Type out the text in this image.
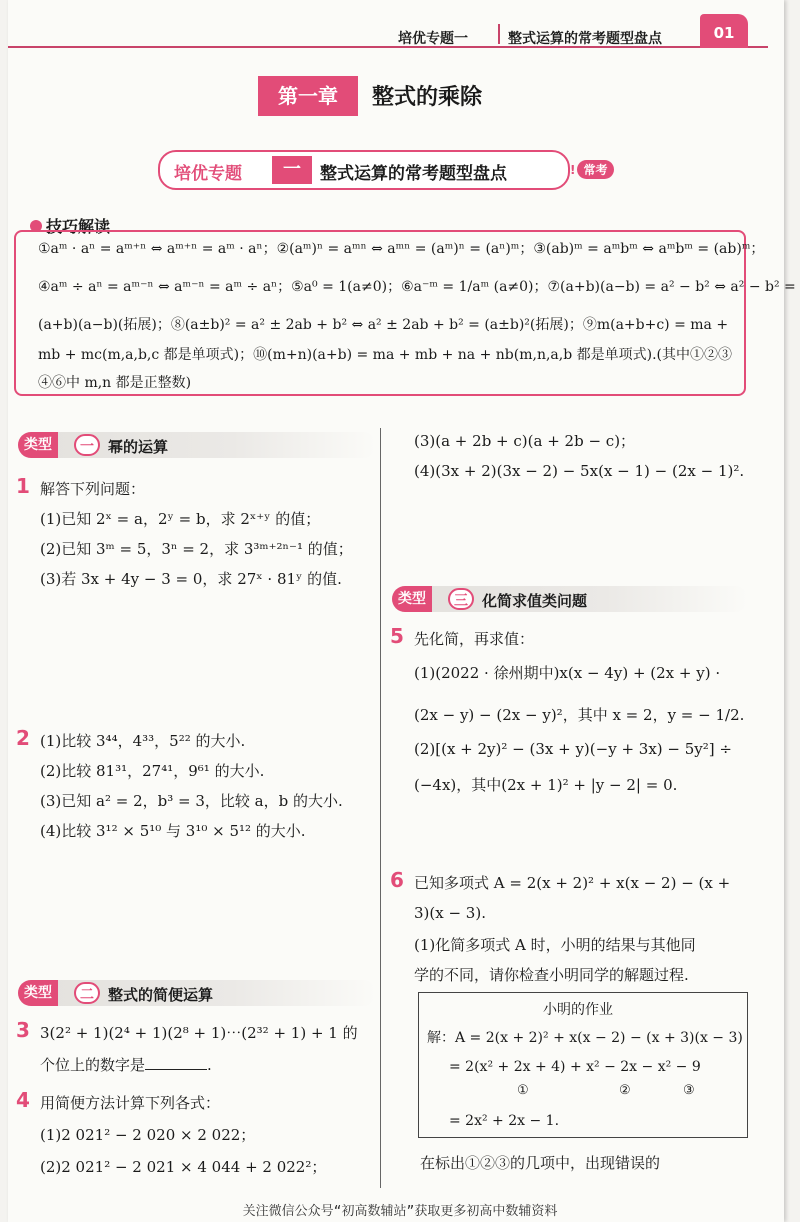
培优专题一	整式运算的常考题型盘点	01
第一章	整式的乘除
培优专题	一	整式运算的常考题型盘点	! 常考
技巧解读
①aᵐ · aⁿ = aᵐ⁺ⁿ ⇔ aᵐ⁺ⁿ = aᵐ · aⁿ；②(aᵐ)ⁿ = aᵐⁿ ⇔ aᵐⁿ = (aᵐ)ⁿ = (aⁿ)ᵐ；③(ab)ᵐ = aᵐbᵐ ⇔ aᵐbᵐ = (ab)ᵐ；
④aᵐ ÷ aⁿ = aᵐ⁻ⁿ ⇔ aᵐ⁻ⁿ = aᵐ ÷ aⁿ；⑤a⁰ = 1(a≠0)；⑥a⁻ᵐ = 1/aᵐ (a≠0)；⑦(a+b)(a−b) = a² − b² ⇔ a² − b² =
(a+b)(a−b)(拓展)；⑧(a±b)² = a² ± 2ab + b² ⇔ a² ± 2ab + b² = (a±b)²(拓展)；⑨m(a+b+c) = ma +
mb + mc(m,a,b,c 都是单项式)；⑩(m+n)(a+b) = ma + mb + na + nb(m,n,a,b 都是单项式).(其中①②③
④⑥中 m,n 都是正整数)
类型	一 幂的运算
1 解答下列问题：
(1)已知 2ˣ = a，2ʸ = b，求 2ˣ⁺ʸ 的值；
(2)已知 3ᵐ = 5，3ⁿ = 2，求 3³ᵐ⁺²ⁿ⁻¹ 的值；
(3)若 3x + 4y − 3 = 0，求 27ˣ · 81ʸ 的值.
2 (1)比较 3⁴⁴，4³³，5²² 的大小.
(2)比较 81³¹，27⁴¹，9⁶¹ 的大小.
(3)已知 a² = 2，b³ = 3，比较 a，b 的大小.
(4)比较 3¹² × 5¹⁰ 与 3¹⁰ × 5¹² 的大小.
类型	二 整式的简便运算
3 3(2² + 1)(2⁴ + 1)(2⁸ + 1)⋯(2³² + 1) + 1 的
个位上的数字是	.
4 用简便方法计算下列各式：
(1)2 021² − 2 020 × 2 022；
(2)2 021² − 2 021 × 4 044 + 2 022²；
(3)(a + 2b + c)(a + 2b − c)；
(4)(3x + 2)(3x − 2) − 5x(x − 1) − (2x − 1)².
类型	三 化简求值类问题
5 先化简，再求值：
(1)(2022 · 徐州期中)x(x − 4y) + (2x + y) ·
(2x − y) − (2x − y)²，其中 x = 2，y = − 1/2.
(2)[(x + 2y)² − (3x + y)(−y + 3x) − 5y²] ÷
(−4x)，其中(2x + 1)² + |y − 2| = 0.
6 已知多项式 A = 2(x + 2)² + x(x − 2) − (x +
3)(x − 3).
(1)化简多项式 A 时，小明的结果与其他同
学的不同，请你检查小明同学的解题过程.
小明的作业
解：A = 2(x + 2)² + x(x − 2) − (x + 3)(x − 3)
= 2(x² + 2x + 4) + x² − 2x − x² − 9
①	②	③
= 2x² + 2x − 1.
在标出①②③的几项中，出现错误的
关注微信公众号“初高数辅站”获取更多初高中数辅资料
